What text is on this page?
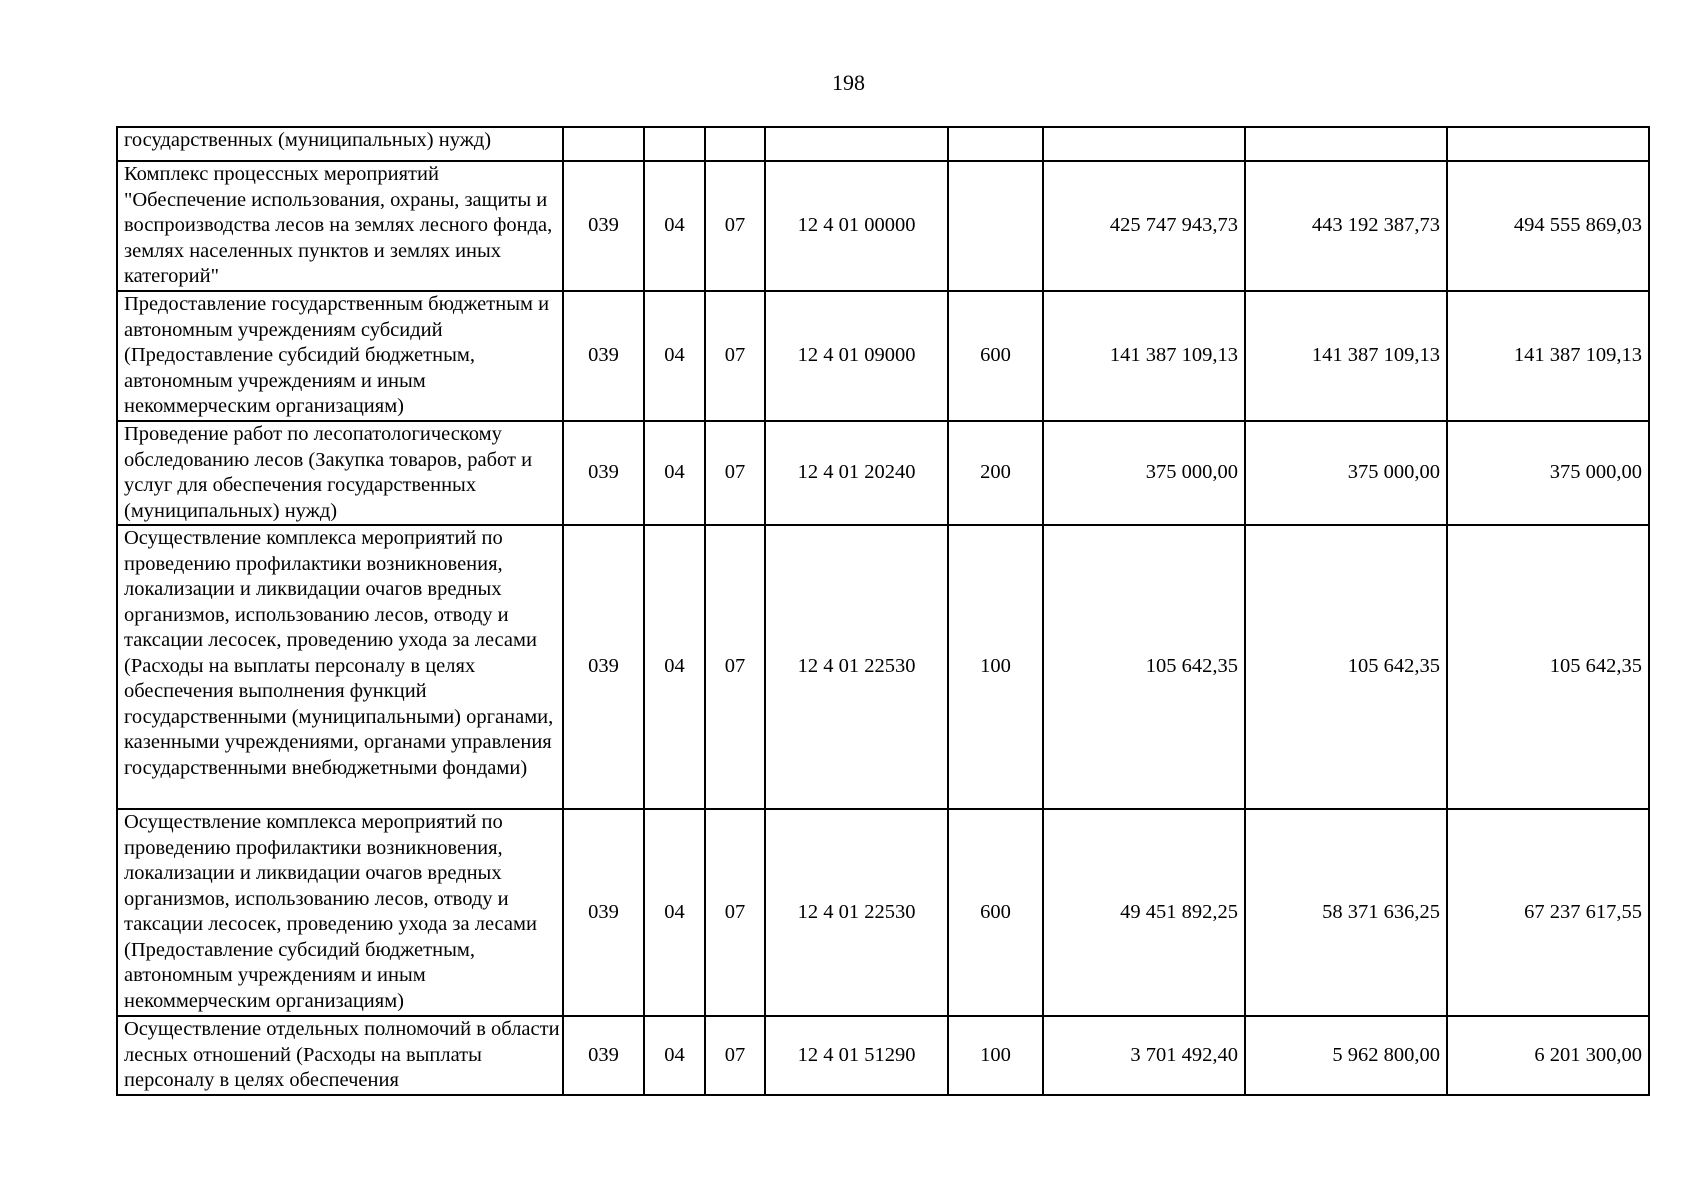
198
государственных (муниципальных) нужд)								
Комплекс процессных мероприятий "Обеспечение использования, охраны, защиты и воспроизводства лесов на землях лесного фонда, землях населенных пунктов и землях иных категорий"	039	04	07	12 4 01 00000		425 747 943,73	443 192 387,73	494 555 869,03
Предоставление государственным бюджетным и автономным учреждениям субсидий (Предоставление субсидий бюджетным, автономным учреждениям и иным некоммерческим организациям)	039	04	07	12 4 01 09000	600	141 387 109,13	141 387 109,13	141 387 109,13
Проведение работ по лесопатологическому обследованию лесов (Закупка товаров, работ и услуг для обеспечения государственных (муниципальных) нужд)	039	04	07	12 4 01 20240	200	375 000,00	375 000,00	375 000,00
Осуществление комплекса мероприятий по проведению профилактики возникновения, локализации и ликвидации очагов вредных организмов, использованию лесов, отводу и таксации лесосек, проведению ухода за лесами (Расходы на выплаты персоналу в целях обеспечения выполнения функций государственными (муниципальными) органами, казенными учреждениями, органами управления государственными внебюджетными фондами)	039	04	07	12 4 01 22530	100	105 642,35	105 642,35	105 642,35
Осуществление комплекса мероприятий по проведению профилактики возникновения, локализации и ликвидации очагов вредных организмов, использованию лесов, отводу и таксации лесосек, проведению ухода за лесами (Предоставление субсидий бюджетным, автономным учреждениям и иным некоммерческим организациям)	039	04	07	12 4 01 22530	600	49 451 892,25	58 371 636,25	67 237 617,55
Осуществление отдельных полномочий в области лесных отношений (Расходы на выплаты персоналу в целях обеспечения	039	04	07	12 4 01 51290	100	3 701 492,40	5 962 800,00	6 201 300,00
